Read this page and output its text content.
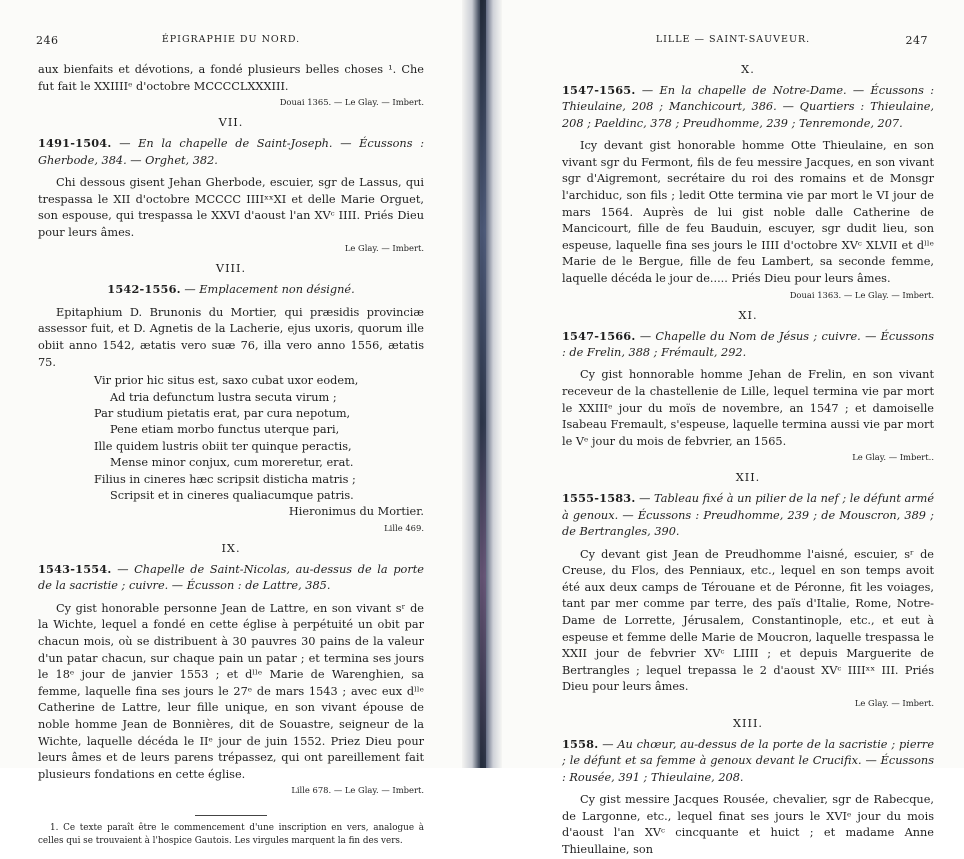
246	ÉPIGRAPHIE DU NORD.

aux bienfaits et dévotions, a fondé plusieurs belles choses ¹. Che fut fait le XXIIIIᵉ d'octobre MCCCCLXXXIII.

Douai 1365. — Le Glay. — Imbert.

VII.

1491-1504. — En la chapelle de Saint-Joseph. — Écussons : Gherbode, 384. — Orghet, 382.

Chi dessous gisent Jehan Gherbode, escuier, sgr de Lassus, qui trespassa le XII d'octobre MCCCC IIIIˣˣXI et delle Marie Orguet, son espouse, qui trespassa le XXVI d'aoust l'an XVᶜ IIII. Priés Dieu pour leurs âmes.

Le Glay. — Imbert.

VIII.

1542-1556. — Emplacement non désigné.

Epitaphium D. Brunonis du Mortier, qui præsidis provinciæ assessor fuit, et D. Agnetis de la Lacherie, ejus uxoris, quorum ille obiit anno 1542, ætatis vero suæ 76, illa vero anno 1556, ætatis 75.

Vir prior hic situs est, saxo cubat uxor eodem,
Ad tria defunctum lustra secuta virum ;
Par studium pietatis erat, par cura nepotum,
Pene etiam morbo functus uterque pari,
Ille quidem lustris obiit ter quinque peractis,
Mense minor conjux, cum moreretur, erat.
Filius in cineres hæc scripsit disticha matris ;
Scripsit et in cineres qualiacumque patris.

Hieronimus du Mortier.

Lille 469.

IX.

1543-1554. — Chapelle de Saint-Nicolas, au-dessus de la porte de la sacristie ; cuivre. — Écusson : de Lattre, 385.

Cy gist honorable personne Jean de Lattre, en son vivant sʳ de la Wichte, lequel a fondé en cette église à perpétuité un obit par chacun mois, où se distribuent à 30 pauvres 30 pains de la valeur d'un patar chacun, sur chaque pain un patar ; et termina ses jours le 18ᵉ jour de janvier 1553 ; et dˡˡᵉ Marie de Warenghien, sa femme, laquelle fina ses jours le 27ᵉ de mars 1543 ; avec eux dˡˡᵉ Catherine de Lattre, leur fille unique, en son vivant épouse de noble homme Jean de Bonnières, dit de Souastre, seigneur de la Wichte, laquelle décéda le IIᵉ jour de juin 1552. Priez Dieu pour leurs âmes et de leurs parens trépassez, qui ont pareillement fait plusieurs fondations en cette église.

Lille 678. — Le Glay. — Imbert.

1. Ce texte paraît être le commencement d'une inscription en vers, analogue à celles qui se trouvaient à l'hospice Gautois. Les virgules marquent la fin des vers.

LILLE — SAINT-SAUVEUR.	247
X.

1547-1565. — En la chapelle de Notre-Dame. — Écussons : Thieulaine, 208 ; Manchicourt, 386. — Quartiers : Thieulaine, 208 ; Paeldinc, 378 ; Preudhomme, 239 ; Tenremonde, 207.

Icy devant gist honorable homme Otte Thieulaine, en son vivant sgr du Fermont, fils de feu messire Jacques, en son vivant sgr d'Aigremont, secrétaire du roi des romains et de Monsgr l'archiduc, son fils ; ledit Otte termina vie par mort le VI jour de mars 1564. Auprès de lui gist noble dalle Catherine de Mancicourt, fille de feu Bauduin, escuyer, sgr dudit lieu, son espeuse, laquelle fina ses jours le IIII d'octobre XVᶜ XLVII et dˡˡᵉ Marie de le Bergue, fille de feu Lambert, sa seconde femme, laquelle décéda le jour de..... Priés Dieu pour leurs âmes.

Douai 1363. — Le Glay. — Imbert.

XI.

1547-1566. — Chapelle du Nom de Jésus ; cuivre. — Écussons : de Frelin, 388 ; Frémault, 292.

Cy gist honnorable homme Jehan de Frelin, en son vivant receveur de la chastellenie de Lille, lequel termina vie par mort le XXIIIᵉ jour du moïs de novembre, an 1547 ; et damoiselle Isabeau Fremault, s'espeuse, laquelle termina aussi vie par mort le Vᵉ jour du mois de febvrier, an 1565.

Le Glay. — Imbert..

XII.

1555-1583. — Tableau fixé à un pilier de la nef ; le défunt armé à genoux. — Écussons : Preudhomme, 239 ; de Mouscron, 389 ; de Bertrangles, 390.

Cy devant gist Jean de Preudhomme l'aisné, escuier, sʳ de Creuse, du Flos, des Penniaux, etc., lequel en son temps avoit été aux deux camps de Térouane et de Péronne, fit les voiages, tant par mer comme par terre, des païs d'Italie, Rome, Notre-Dame de Lorrette, Jérusalem, Constantinople, etc., et eut à espeuse et femme delle Marie de Moucron, laquelle trespassa le XXII jour de febvrier XVᶜ LIIII ; et depuis Marguerite de Bertrangles ; lequel trepassa le 2 d'aoust XVᶜ IIIIˣˣ III. Priés Dieu pour leurs âmes.

Le Glay. — Imbert.

XIII.

1558. — Au chœur, au-dessus de la porte de la sacristie ; pierre ; le défunt et sa femme à genoux devant le Crucifix. — Écussons : Rousée, 391 ; Thieulaine, 208.

Cy gist messire Jacques Rousée, chevalier, sgr de Rabecque, de Largonne, etc., lequel finat ses jours le XVIᵉ jour du mois d'aoust l'an XVᶜ cincquante et huict ; et madame Anne Thieullaine, son
